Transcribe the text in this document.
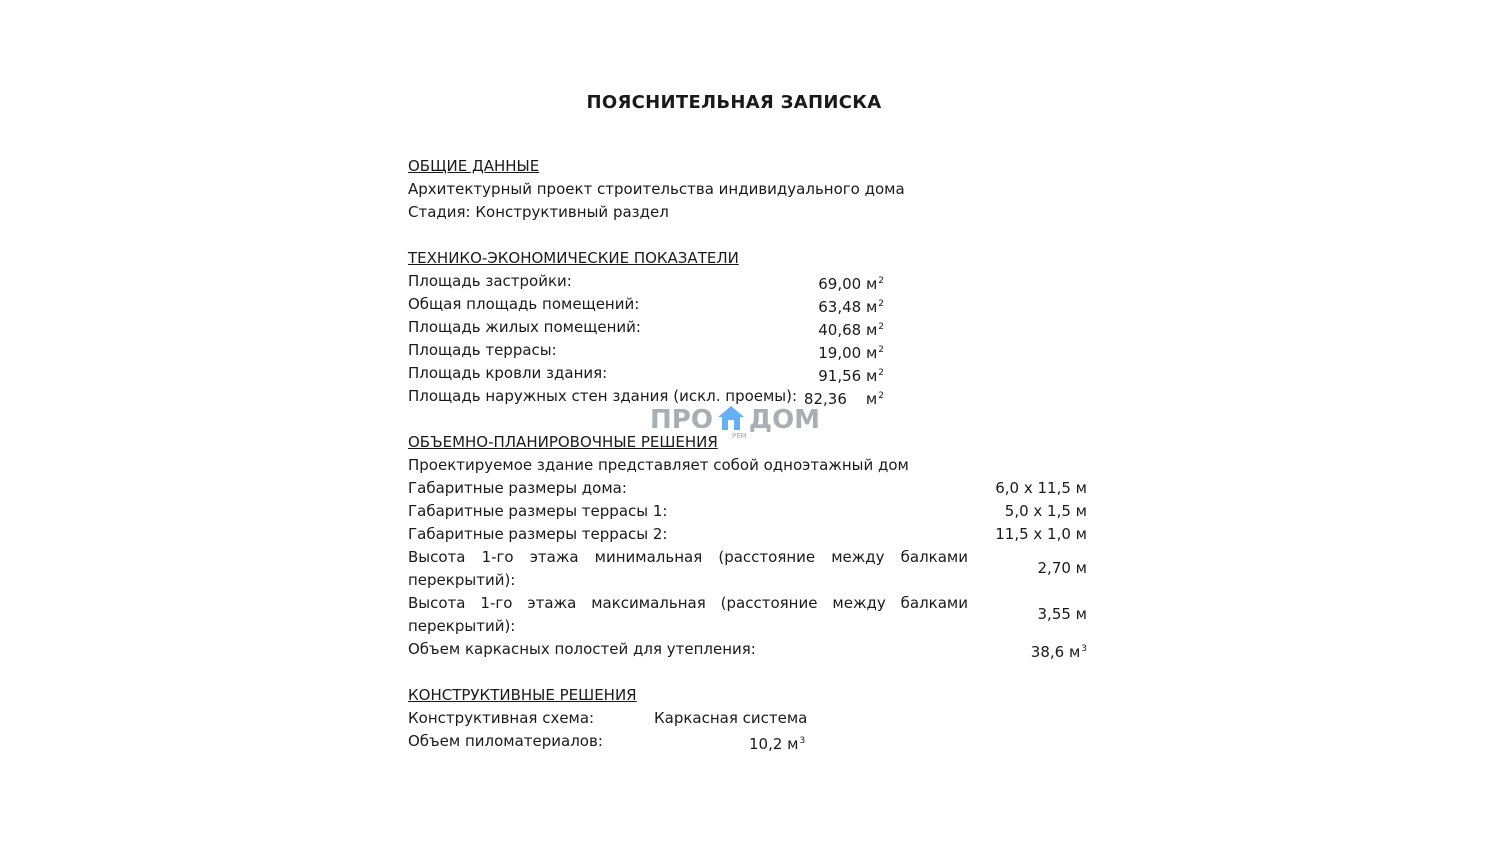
ПОЯСНИТЕЛЬНАЯ ЗАПИСКА
ОБЩИЕ ДАННЫЕ
Архитектурный проект строительства индивидуального дома
Стадия: Конструктивный раздел
ТЕХНИКО-ЭКОНОМИЧЕСКИЕ ПОКАЗАТЕЛИ
Площадь застройки:	69,00 $м^2$
Общая площадь помещений:	63,48 $м^2$
Площадь жилых помещений:	40,68 $м^2$
Площадь террасы:	19,00 $м^2$
Площадь кровли здания:	91,56 $м^2$
Площадь наружных стен здания (искл. проемы): 82,36    $м^2$
ПРО ДОМ
РЕМ
ОБЪЕМНО-ПЛАНИРОВОЧНЫЕ РЕШЕНИЯ
Проектируемое здание представляет собой одноэтажный дом
Габаритные размеры дома:	6,0 х 11,5 м
Габаритные размеры террасы 1:	5,0 х 1,5 м
Габаритные размеры террасы 2:	11,5 х 1,0 м
Высота 1-го этажа минимальная (расстояние между балками перекрытий):
2,70 м
Высота 1-го этажа максимальная (расстояние между балками перекрытий):
3,55 м
Объем каркасных полостей для утепления:	38,6 $м^3$
КОНСТРУКТИВНЫЕ РЕШЕНИЯ
Конструктивная схема:	Каркасная система
Объем пиломатериалов:	10,2 $м^3$
